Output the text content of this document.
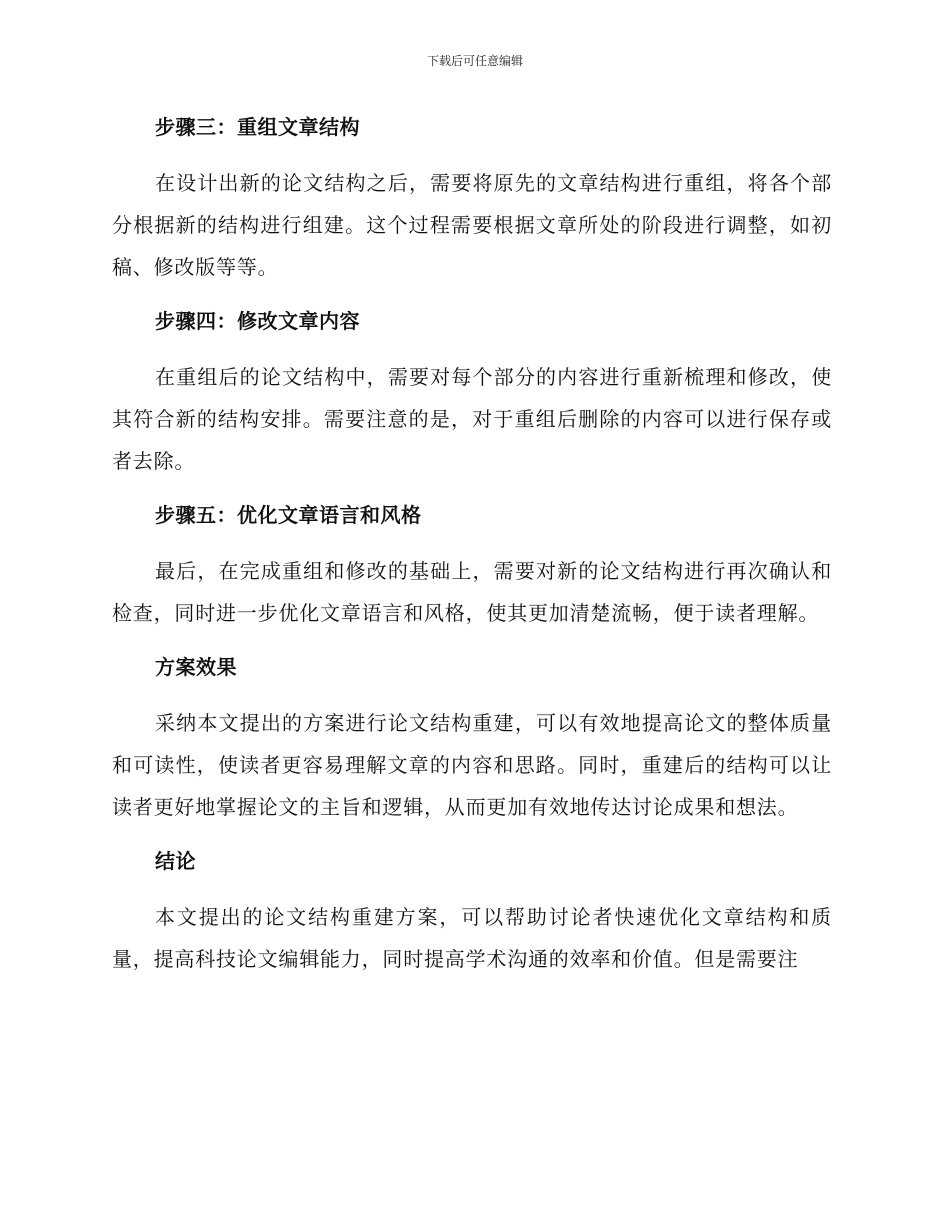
下载后可任意编辑
步骤三：重组文章结构

在设计出新的论文结构之后，需要将原先的文章结构进行重组，将各个部分根据新的结构进行组建。这个过程需要根据文章所处的阶段进行调整，如初稿、修改版等等。

步骤四：修改文章内容

在重组后的论文结构中，需要对每个部分的内容进行重新梳理和修改，使其符合新的结构安排。需要注意的是，对于重组后删除的内容可以进行保存或者去除。

步骤五：优化文章语言和风格

最后，在完成重组和修改的基础上，需要对新的论文结构进行再次确认和检查，同时进一步优化文章语言和风格，使其更加清楚流畅，便于读者理解。

方案效果

采纳本文提出的方案进行论文结构重建，可以有效地提高论文的整体质量和可读性，使读者更容易理解文章的内容和思路。同时，重建后的结构可以让读者更好地掌握论文的主旨和逻辑，从而更加有效地传达讨论成果和想法。

结论

本文提出的论文结构重建方案，可以帮助讨论者快速优化文章结构和质量，提高科技论文编辑能力，同时提高学术沟通的效率和价值。但是需要注
